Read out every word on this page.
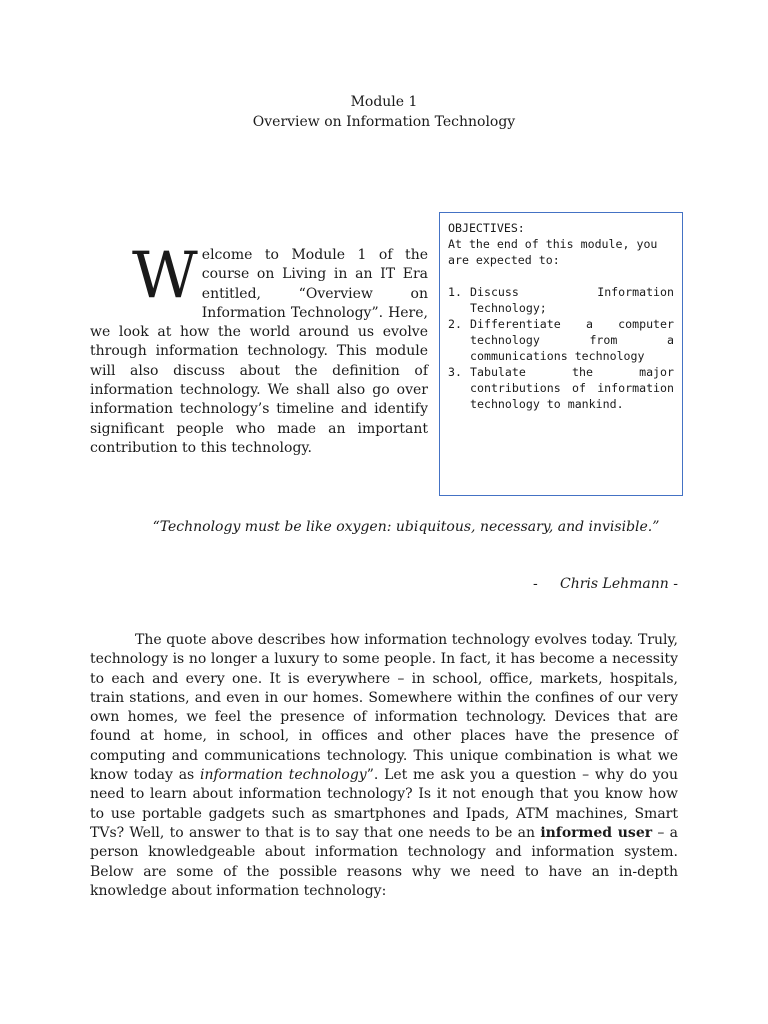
Module 1
Overview on Information Technology
W elcome to Module 1 of the course on Living in an IT Era entitled, “Overview on Information Technology”. Here, we look at how the world around us evolve through information technology. This module will also discuss about the definition of information technology. We shall also go over information technology’s timeline and identify significant people who made an important contribution to this technology.
OBJECTIVES:
At the end of this module, you are expected to:
1. Discuss Information Technology;
2. Differentiate a computer technology from a communications technology
3. Tabulate the major contributions of information technology to mankind.
“Technology must be like oxygen: ubiquitous, necessary, and invisible.”
- Chris Lehmann -
The quote above describes how information technology evolves today. Truly, technology is no longer a luxury to some people. In fact, it has become a necessity to each and every one. It is everywhere – in school, office, markets, hospitals, train stations, and even in our homes. Somewhere within the confines of our very own homes, we feel the presence of information technology. Devices that are found at home, in school, in offices and other places have the presence of computing and communications technology. This unique combination is what we know today as information technology”. Let me ask you a question – why do you need to learn about information technology? Is it not enough that you know how to use portable gadgets such as smartphones and Ipads, ATM machines, Smart TVs? Well, to answer to that is to say that one needs to be an informed user – a person knowledgeable about information technology and information system. Below are some of the possible reasons why we need to have an in-depth knowledge about information technology:
